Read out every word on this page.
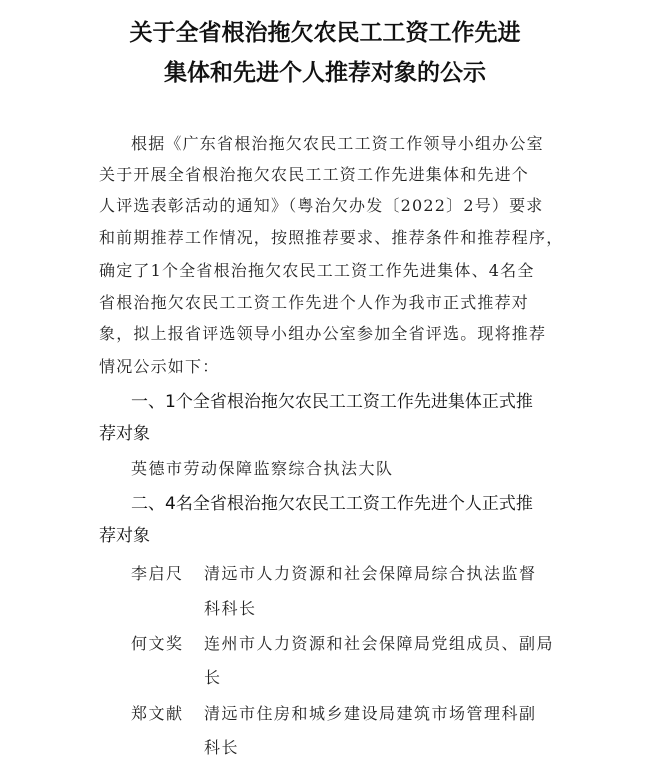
关于全省根治拖欠农民工工资工作先进
集体和先进个人推荐对象的公示
根据《广东省根治拖欠农民工工资工作领导小组办公室
关于开展全省根治拖欠农民工工资工作先进集体和先进个
人评选表彰活动的通知》（粤治欠办发〔2022〕2号）要求
和前期推荐工作情况，按照推荐要求、推荐条件和推荐程序，
确定了1个全省根治拖欠农民工工资工作先进集体、4名全
省根治拖欠农民工工资工作先进个人作为我市正式推荐对
象，拟上报省评选领导小组办公室参加全省评选。现将推荐
情况公示如下：
一、1个全省根治拖欠农民工工资工作先进集体正式推
荐对象
英德市劳动保障监察综合执法大队
二、4名全省根治拖欠农民工工资工作先进个人正式推
荐对象
李启尺 清远市人力资源和社会保障局综合执法监督
科科长
何文奖 连州市人力资源和社会保障局党组成员、副局
长
郑文献 清远市住房和城乡建设局建筑市场管理科副
科长
